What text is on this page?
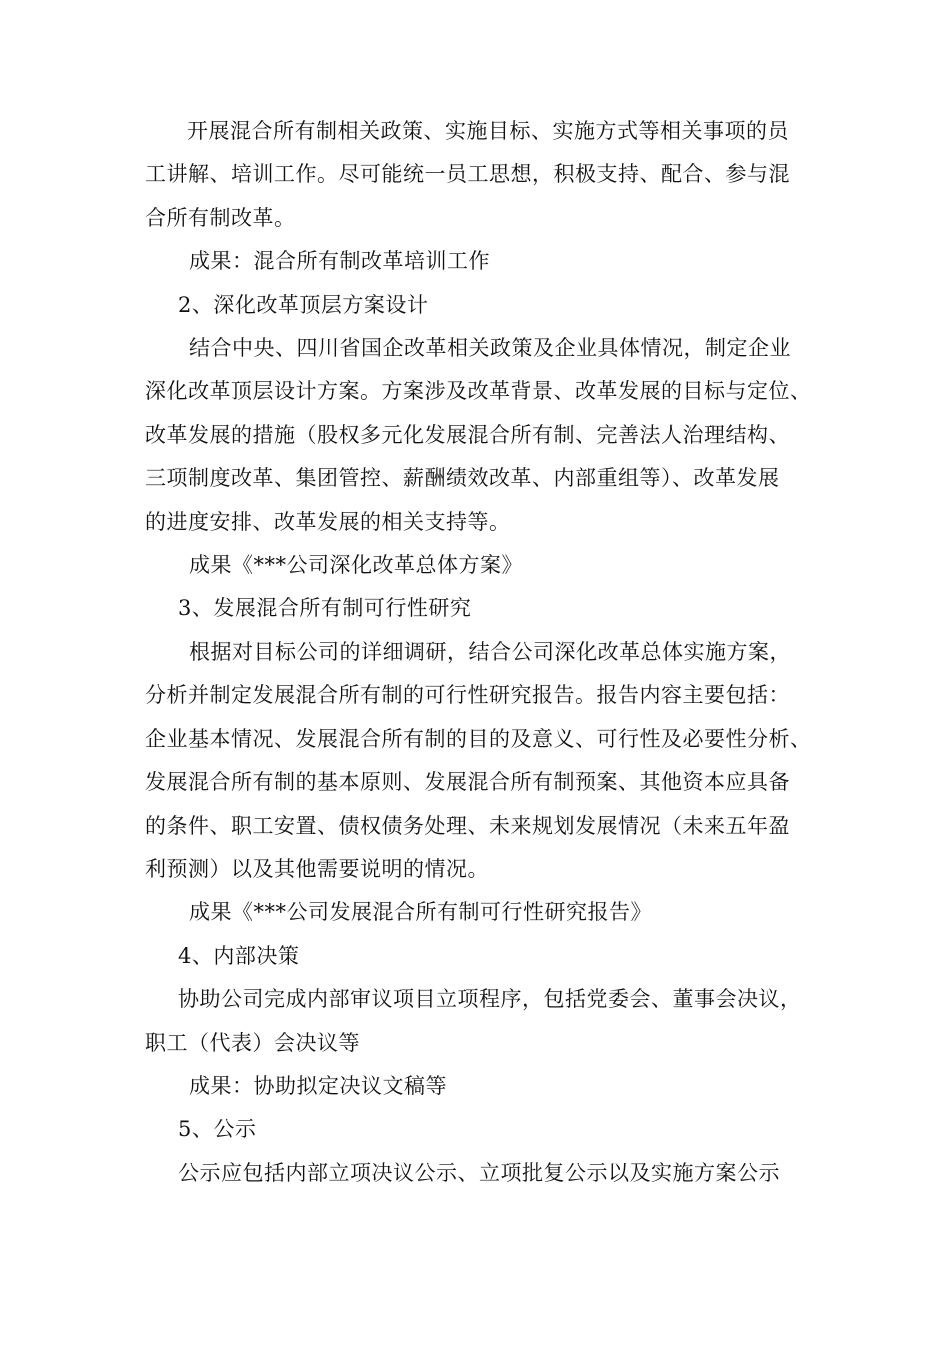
开展混合所有制相关政策、实施目标、实施方式等相关事项的员

工讲解、培训工作。尽可能统一员工思想，积极支持、配合、参与混

合所有制改革。

成果：混合所有制改革培训工作

2、深化改革顶层方案设计

结合中央、四川省国企改革相关政策及企业具体情况，制定企业

深化改革顶层设计方案。方案涉及改革背景、改革发展的目标与定位、

改革发展的措施（股权多元化发展混合所有制、完善法人治理结构、

三项制度改革、集团管控、薪酬绩效改革、内部重组等）、改革发展

的进度安排、改革发展的相关支持等。

成果《***公司深化改革总体方案》

3、发展混合所有制可行性研究

根据对目标公司的详细调研，结合公司深化改革总体实施方案，

分析并制定发展混合所有制的可行性研究报告。报告内容主要包括：

企业基本情况、发展混合所有制的目的及意义、可行性及必要性分析、

发展混合所有制的基本原则、发展混合所有制预案、其他资本应具备

的条件、职工安置、债权债务处理、未来规划发展情况（未来五年盈

利预测）以及其他需要说明的情况。

成果《***公司发展混合所有制可行性研究报告》

4、内部决策

协助公司完成内部审议项目立项程序，包括党委会、董事会决议，

职工（代表）会决议等

成果：协助拟定决议文稿等

5、公示

公示应包括内部立项决议公示、立项批复公示以及实施方案公示
